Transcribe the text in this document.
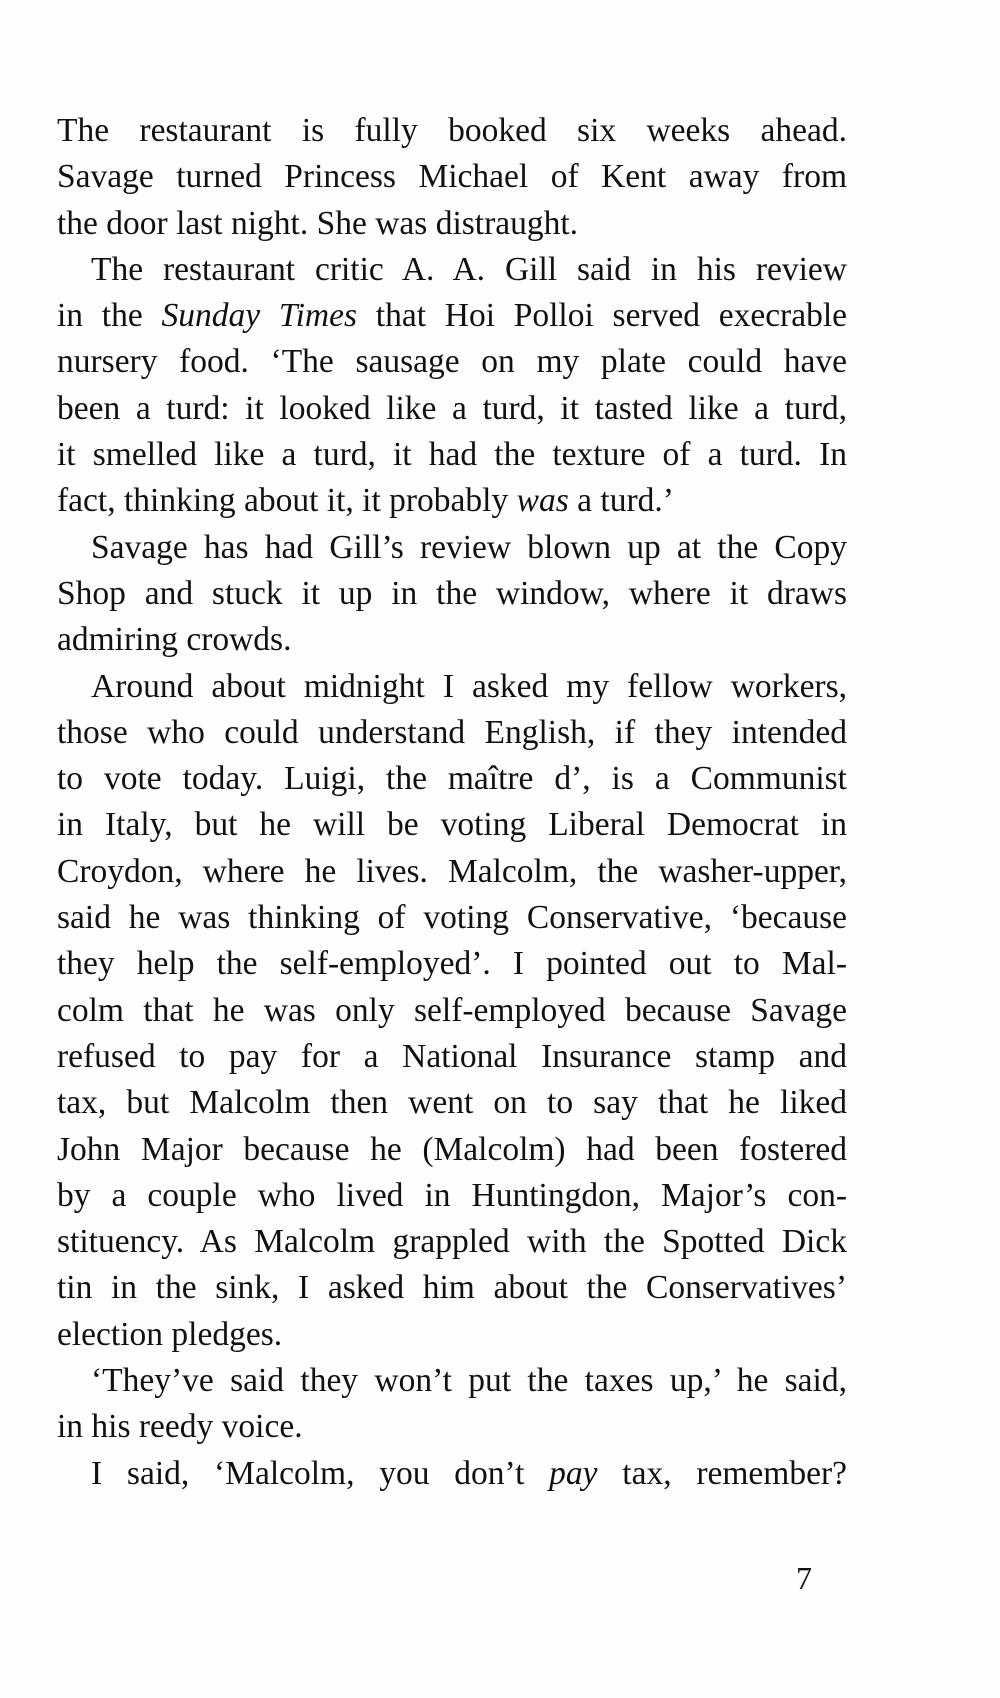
The restaurant is fully booked six weeks ahead.
Savage turned Princess Michael of Kent away from
the door last night. She was distraught.
The restaurant critic A. A. Gill said in his review
in the Sunday Times that Hoi Polloi served execrable
nursery food. ‘The sausage on my plate could have
been a turd: it looked like a turd, it tasted like a turd,
it smelled like a turd, it had the texture of a turd. In
fact, thinking about it, it probably was a turd.’
Savage has had Gill’s review blown up at the Copy
Shop and stuck it up in the window, where it draws
admiring crowds.
Around about midnight I asked my fellow workers,
those who could understand English, if they intended
to vote today. Luigi, the maître d’, is a Communist
in Italy, but he will be voting Liberal Democrat in
Croydon, where he lives. Malcolm, the washer-upper,
said he was thinking of voting Conservative, ‘because
they help the self-employed’. I pointed out to Mal-
colm that he was only self-employed because Savage
refused to pay for a National Insurance stamp and
tax, but Malcolm then went on to say that he liked
John Major because he (Malcolm) had been fostered
by a couple who lived in Huntingdon, Major’s con-
stituency. As Malcolm grappled with the Spotted Dick
tin in the sink, I asked him about the Conservatives’
election pledges.
‘They’ve said they won’t put the taxes up,’ he said,
in his reedy voice.
I said, ‘Malcolm, you don’t pay tax, remember?
7
